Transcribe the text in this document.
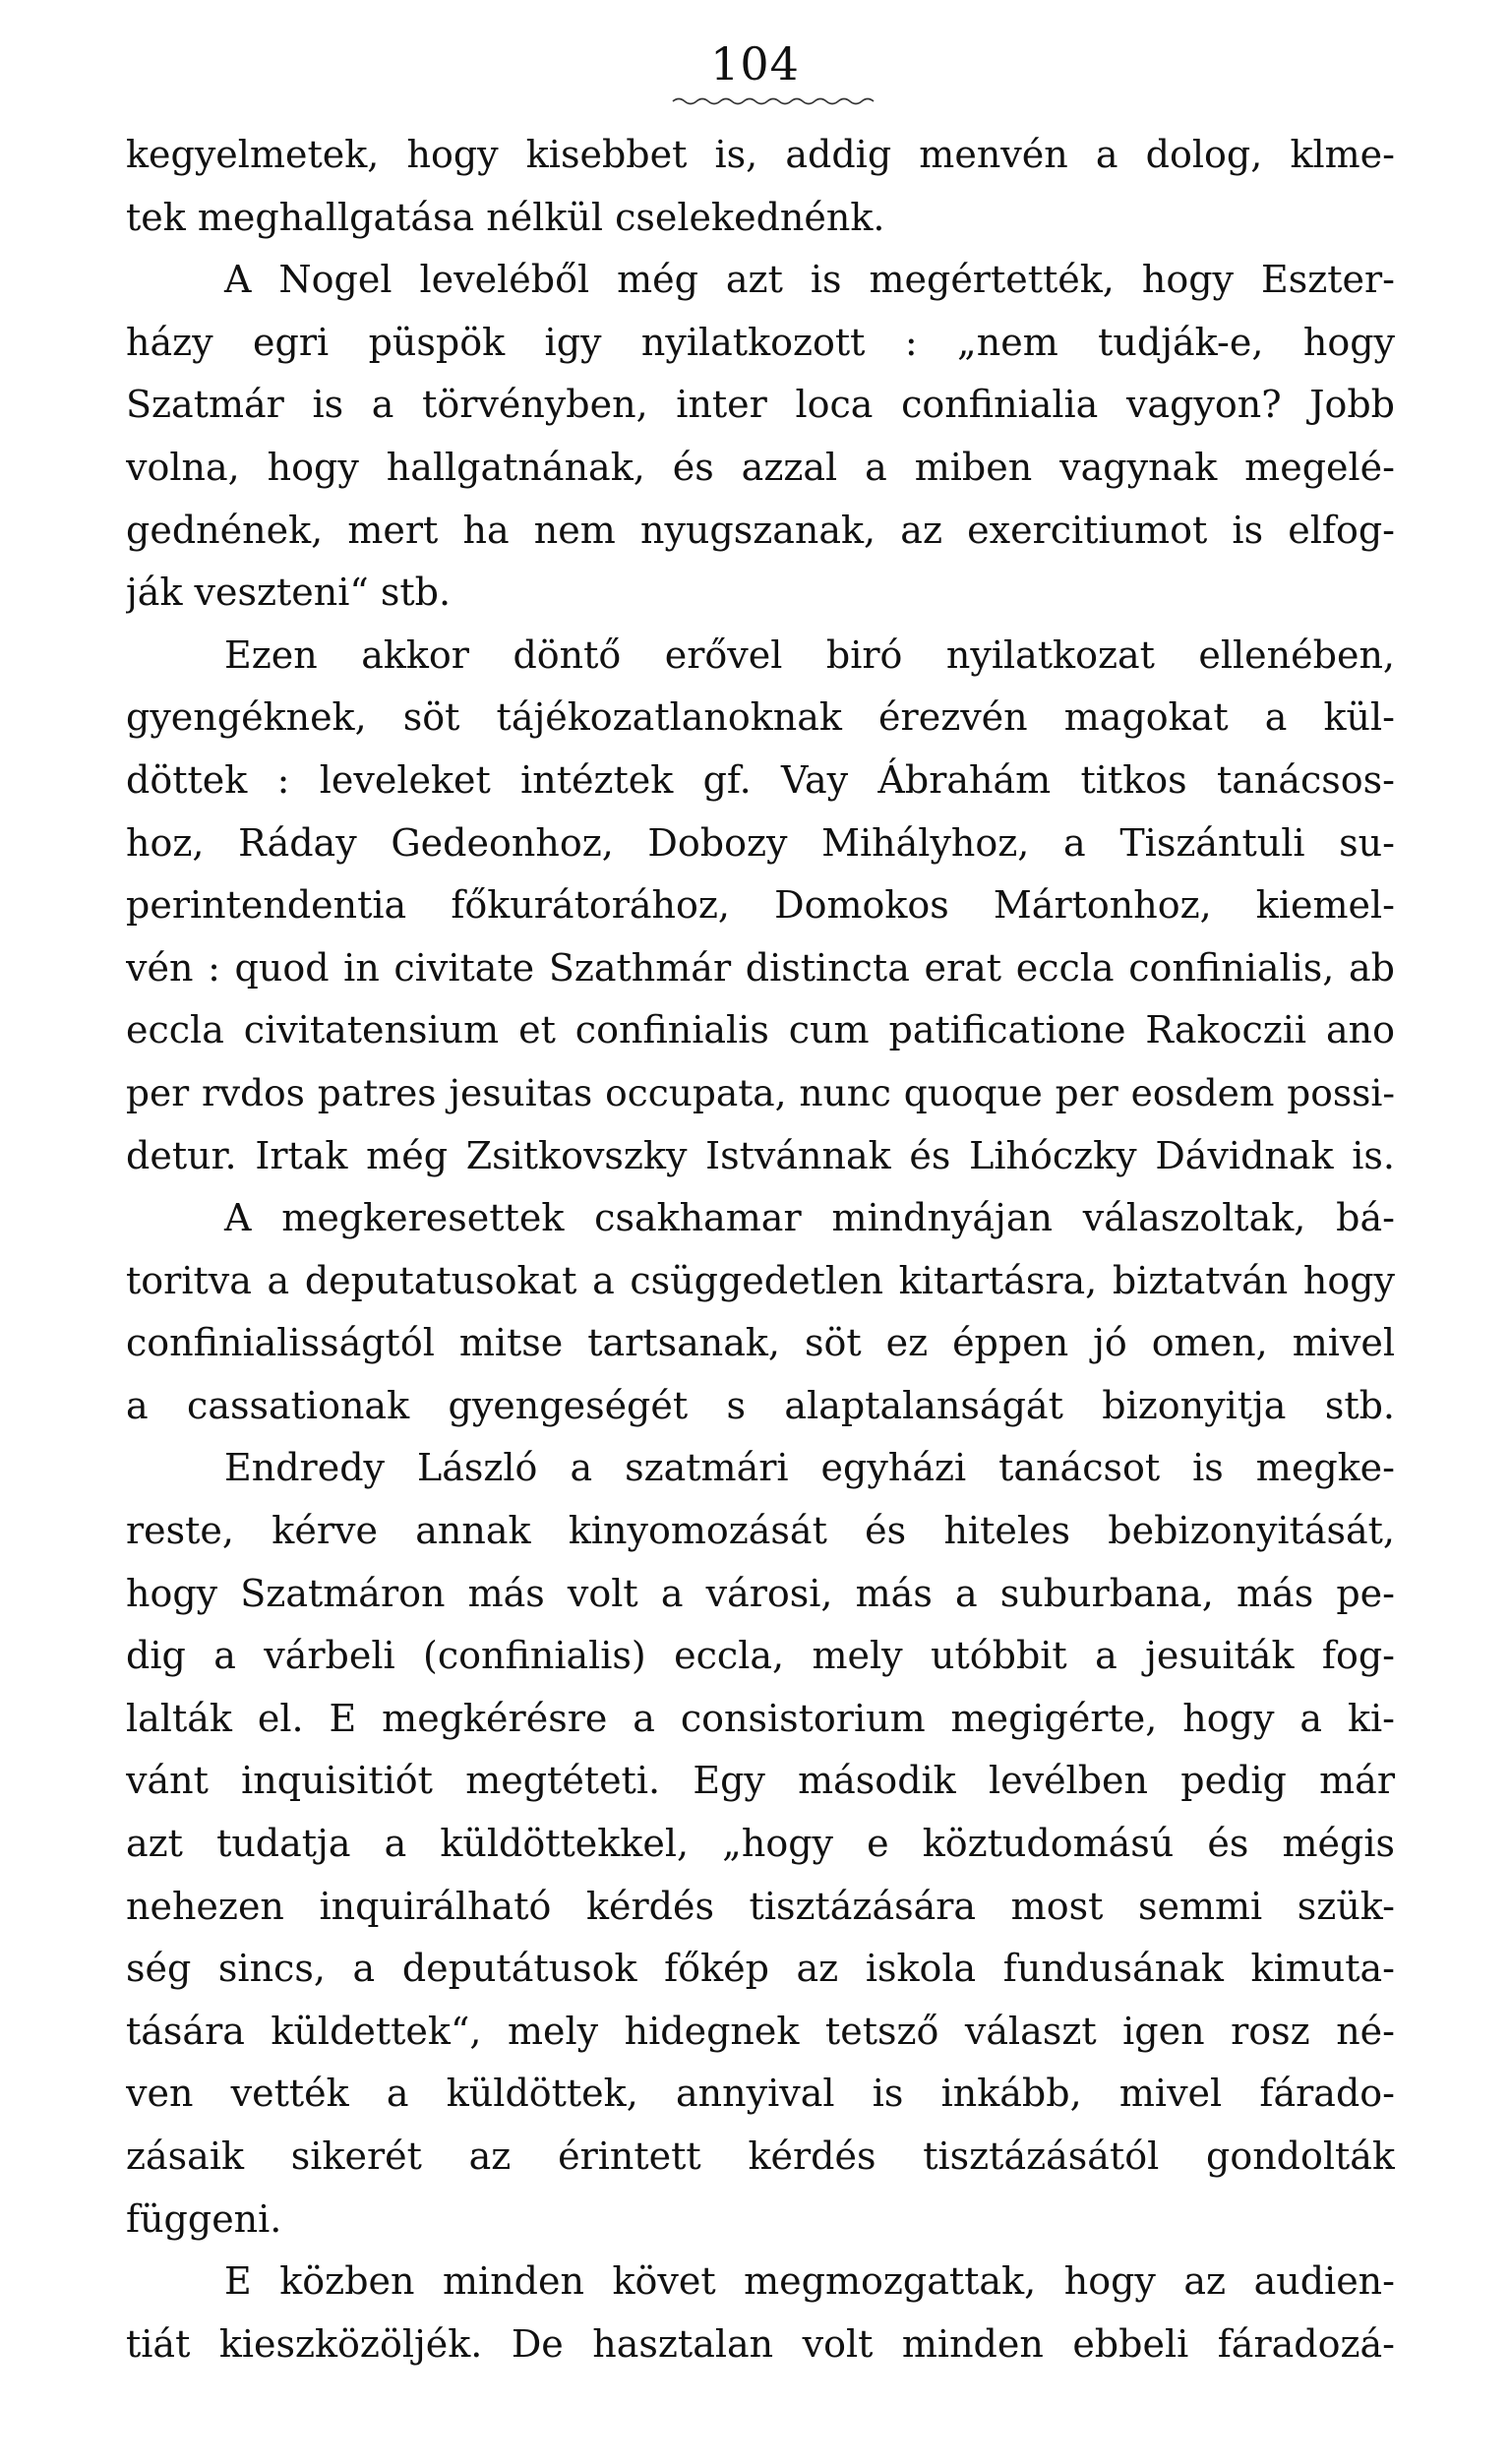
104
kegyelmetek, hogy kisebbet is, addig menvén a dolog, klme-
tek meghallgatása nélkül cselekednénk.
A Nogel leveléből még azt is megértették, hogy Eszter-
házy egri püspök igy nyilatkozott : „nem tudják-e, hogy
Szatmár is a törvényben, inter loca confinialia vagyon? Jobb
volna, hogy hallgatnának, és azzal a miben vagynak megelé-
gednének, mert ha nem nyugszanak, az exercitiumot is elfog-
ják veszteni“ stb.
Ezen akkor döntő erővel biró nyilatkozat ellenében,
gyengéknek, söt tájékozatlanoknak érezvén magokat a kül-
döttek : leveleket intéztek gf. Vay Ábrahám titkos tanácsos-
hoz, Ráday Gedeonhoz, Dobozy Mihályhoz, a Tiszántuli su-
perintendentia főkurátorához, Domokos Mártonhoz, kiemel-
vén : quod in civitate Szathmár distincta erat eccla confinialis, ab
eccla civitatensium et confinialis cum patificatione Rakoczii ano
per rvdos patres jesuitas occupata, nunc quoque per eosdem possi-
detur. Irtak még Zsitkovszky Istvánnak és Lihóczky Dávidnak is.
A megkeresettek csakhamar mindnyájan válaszoltak, bá-
toritva a deputatusokat a csüggedetlen kitartásra, biztatván hogy
confinialisságtól mitse tartsanak, söt ez éppen jó omen, mivel
a cassationak gyengeségét s alaptalanságát bizonyitja stb.
Endredy László a szatmári egyházi tanácsot is megke-
reste, kérve annak kinyomozását és hiteles bebizonyitását,
hogy Szatmáron más volt a városi, más a suburbana, más pe-
dig a várbeli (confinialis) eccla, mely utóbbit a jesuiták fog-
lalták el. E megkérésre a consistorium megigérte, hogy a ki-
vánt inquisitiót megtéteti. Egy második levélben pedig már
azt tudatja a küldöttekkel, „hogy e köztudomású és mégis
nehezen inquirálható kérdés tisztázására most semmi szük-
ség sincs, a deputátusok főkép az iskola fundusának kimuta-
tására küldettek“, mely hidegnek tetsző választ igen rosz né-
ven vették a küldöttek, annyival is inkább, mivel fárado-
zásaik sikerét az érintett kérdés tisztázásától gondolták
függeni.
E közben minden követ megmozgattak, hogy az audien-
tiát kieszközöljék. De hasztalan volt minden ebbeli fáradozá-
